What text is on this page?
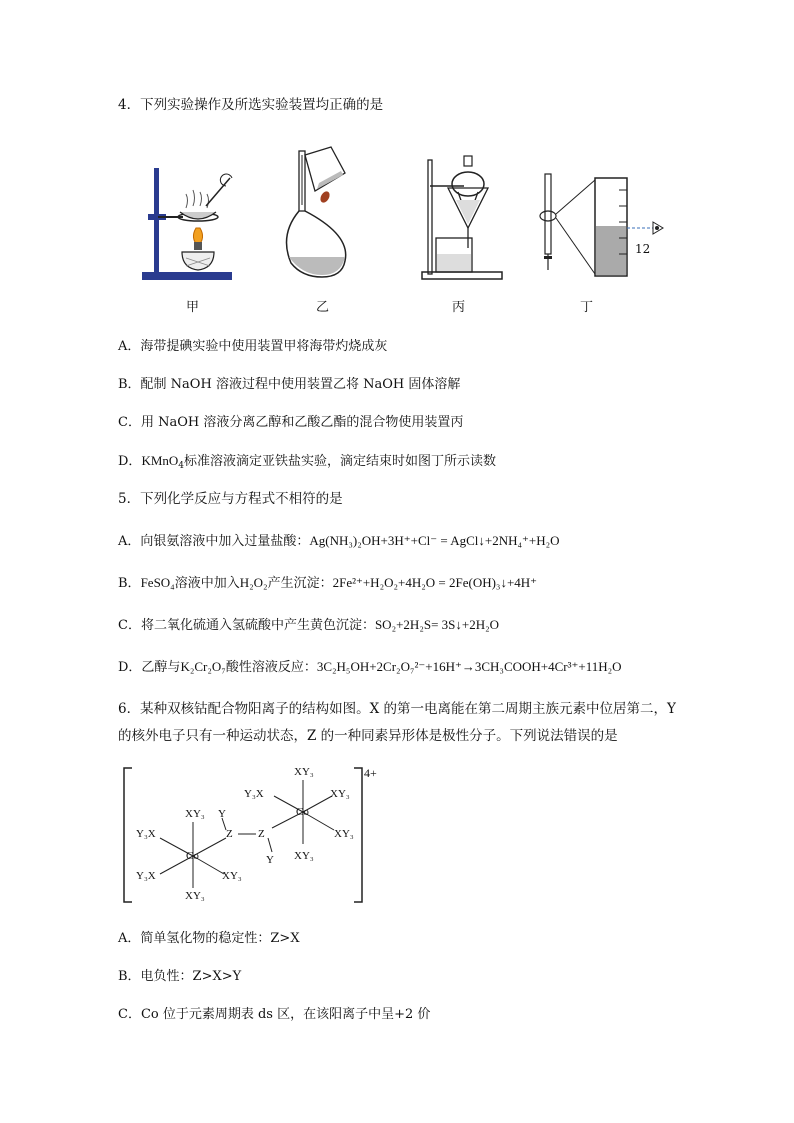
4．下列实验操作及所选实验装置均正确的是
12
甲	乙	丙	丁
A．海带提碘实验中使用装置甲将海带灼烧成灰
B．配制 NaOH 溶液过程中使用装置乙将 NaOH 固体溶解
C．用 NaOH 溶液分离乙醇和乙酸乙酯的混合物使用装置丙
D．KMnO$_4$标准溶液滴定亚铁盐实验，滴定结束时如图丁所示读数
5．下列化学反应与方程式不相符的是
A．向银氨溶液中加入过量盐酸：Ag(NH₃)₂OH+3H⁺+Cl⁻ = AgCl↓+2NH₄⁺+H₂O
B．FeSO₄溶液中加入H₂O₂产生沉淀：2Fe²⁺+H₂O₂+4H₂O = 2Fe(OH)₃↓+4H⁺
C．将二氧化硫通入氢硫酸中产生黄色沉淀：SO₂+2H₂S= 3S↓+2H₂O
D．乙醇与K₂Cr₂O₇酸性溶液反应：3C₂H₅OH+2Cr₂O₇²⁻+16H⁺→3CH₃COOH+4Cr³⁺+11H₂O
6．某种双核钴配合物阳离子的结构如图。X 的第一电离能在第二周期主族元素中位居第二，Y
的核外电子只有一种运动状态，Z 的一种同素异形体是极性分子。下列说法错误的是
4+
Co
Co
XY₃
XY₃
Y₃X
Y₃X	XY₃
Y
Z Z
Y
XY₃
Y₃X	XY₃
XY₃
XY₃
A．简单氢化物的稳定性：Z>X
B．电负性：Z>X>Y
C．Co 位于元素周期表 ds 区，在该阳离子中呈+2 价
